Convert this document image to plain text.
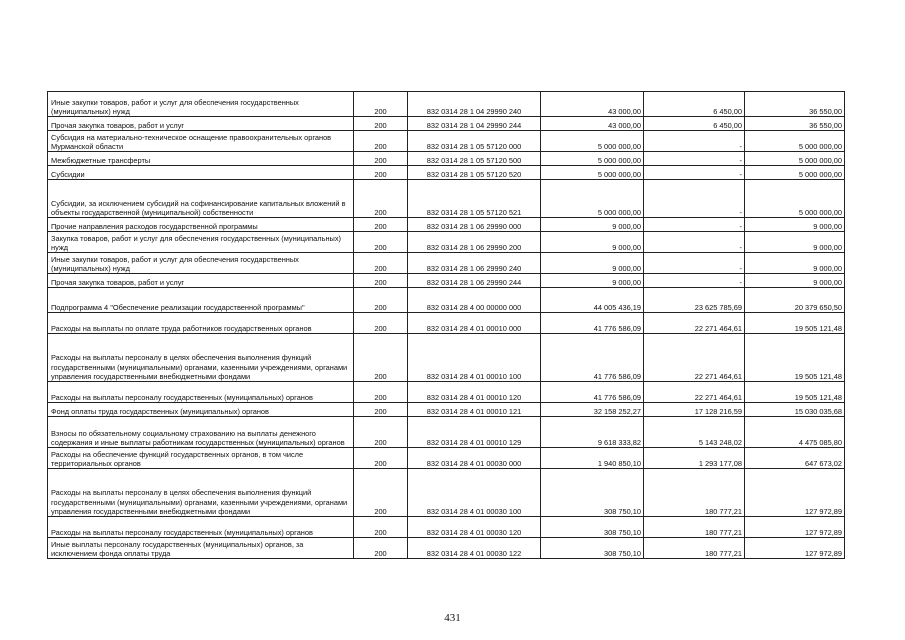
Иные закупки товаров, работ и услуг для обеспечения государственных (муниципальных) нужд	200	832 0314 28 1 04 29990 240	43 000,00	6 450,00	36 550,00
Прочая закупка товаров, работ и услуг	200	832 0314 28 1 04 29990 244	43 000,00	6 450,00	36 550,00
Субсидия на материально-техническое оснащение правоохранительных органов Мурманской области	200	832 0314 28 1 05 57120 000	5 000 000,00	-	5 000 000,00
Межбюджетные трансферты	200	832 0314 28 1 05 57120 500	5 000 000,00	-	5 000 000,00
Субсидии	200	832 0314 28 1 05 57120 520	5 000 000,00	-	5 000 000,00
Субсидии, за исключением субсидий на софинансирование капитальных вложений в объекты государственной (муниципальной) собственности	200	832 0314 28 1 05 57120 521	5 000 000,00	-	5 000 000,00
Прочие направления расходов государственной программы	200	832 0314 28 1 06 29990 000	9 000,00	-	9 000,00
Закупка товаров, работ и услуг для обеспечения государственных (муниципальных) нужд	200	832 0314 28 1 06 29990 200	9 000,00	-	9 000,00
Иные закупки товаров, работ и услуг для обеспечения государственных (муниципальных) нужд	200	832 0314 28 1 06 29990 240	9 000,00	-	9 000,00
Прочая закупка товаров, работ и услуг	200	832 0314 28 1 06 29990 244	9 000,00	-	9 000,00
Подпрограмма 4 "Обеспечение реализации государственной программы"	200	832 0314 28 4 00 00000 000	44 005 436,19	23 625 785,69	20 379 650,50
Расходы на выплаты по оплате труда работников государственных органов	200	832 0314 28 4 01 00010 000	41 776 586,09	22 271 464,61	19 505 121,48
Расходы на выплаты персоналу в целях обеспечения выполнения функций государственными (муниципальными) органами, казенными учреждениями, органами управления государственными внебюджетными фондами	200	832 0314 28 4 01 00010 100	41 776 586,09	22 271 464,61	19 505 121,48
Расходы на выплаты персоналу государственных (муниципальных) органов	200	832 0314 28 4 01 00010 120	41 776 586,09	22 271 464,61	19 505 121,48
Фонд оплаты труда государственных (муниципальных) органов	200	832 0314 28 4 01 00010 121	32 158 252,27	17 128 216,59	15 030 035,68
Взносы по обязательному социальному страхованию на выплаты денежного содержания и иные выплаты работникам государственных (муниципальных) органов	200	832 0314 28 4 01 00010 129	9 618 333,82	5 143 248,02	4 475 085,80
Расходы на обеспечение функций государственных органов, в том числе территориальных органов	200	832 0314 28 4 01 00030 000	1 940 850,10	1 293 177,08	647 673,02
Расходы на выплаты персоналу в целях обеспечения выполнения функций государственными (муниципальными) органами, казенными учреждениями, органами управления государственными внебюджетными фондами	200	832 0314 28 4 01 00030 100	308 750,10	180 777,21	127 972,89
Расходы на выплаты персоналу государственных (муниципальных) органов	200	832 0314 28 4 01 00030 120	308 750,10	180 777,21	127 972,89
Иные выплаты персоналу государственных (муниципальных) органов, за исключением фонда оплаты труда	200	832 0314 28 4 01 00030 122	308 750,10	180 777,21	127 972,89
431
